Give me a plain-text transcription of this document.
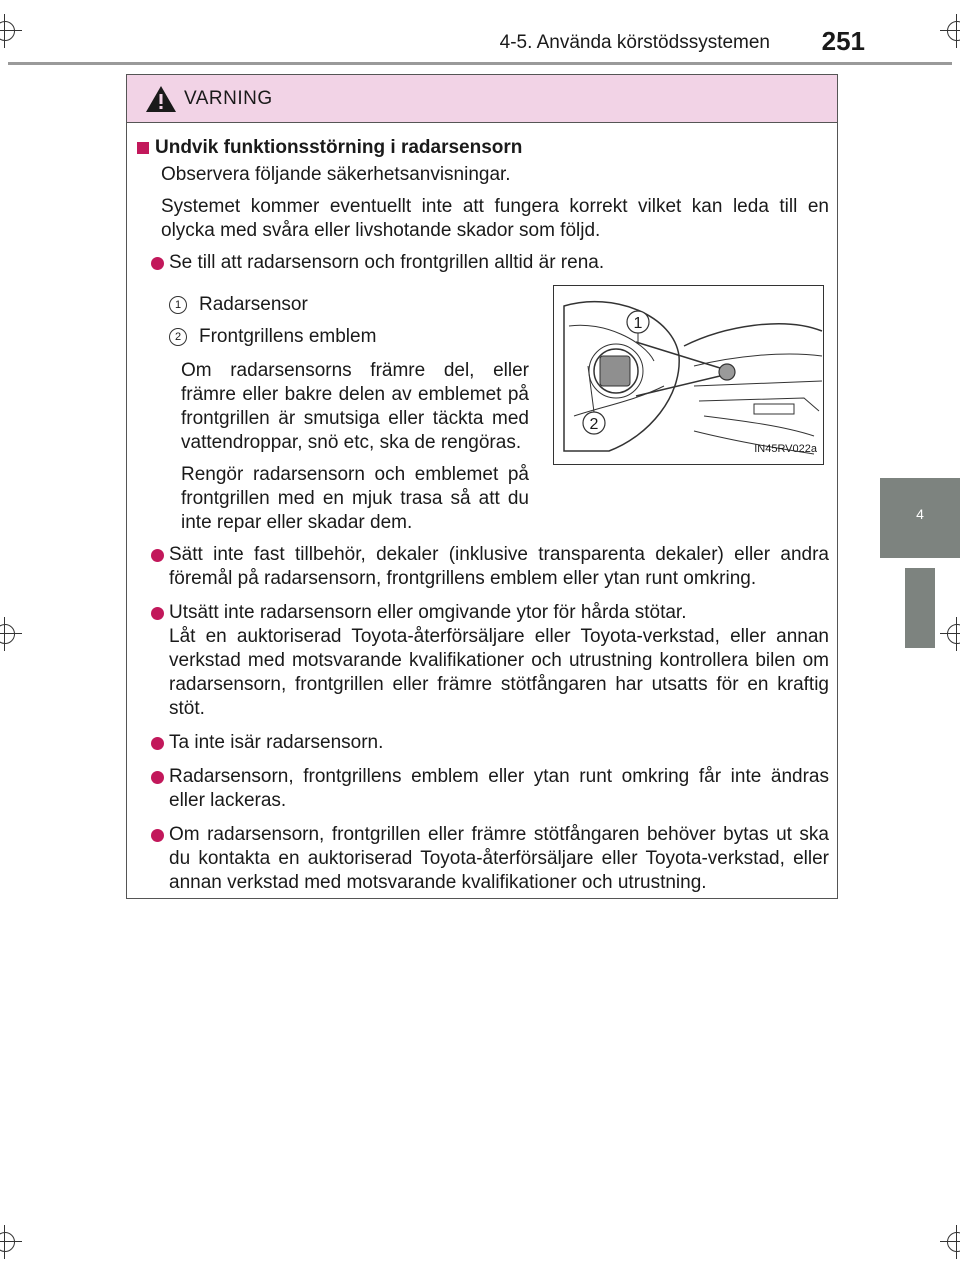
4-5. Använda körstödssystemen 251
4
Körning
VARNING
Undvik funktionsstörning i radarsensorn

Observera följande säkerhetsanvisningar.

Systemet kommer eventuellt inte att fungera korrekt vilket kan leda till en olycka med svåra eller livshotande skador som följd.

Se till att radarsensorn och frontgrillen alltid är rena.
1 Radarsensor
2 Frontgrillens emblem

Om radarsensorns främre del, eller främre eller bakre delen av emblemet på frontgrillen är smutsiga eller täckta med vattendroppar, snö etc, ska de rengöras.

Rengör radarsensorn och emblemet på frontgrillen med en mjuk trasa så att du inte repar eller skadar dem.

1
2
IN45RV022a
Sätt inte fast tillbehör, dekaler (inklusive transparenta dekaler) eller andra föremål på radarsensorn, frontgrillens emblem eller ytan runt omkring.
Utsätt inte radarsensorn eller omgivande ytor för hårda stötar.
Låt en auktoriserad Toyota-återförsäljare eller Toyota-verkstad, eller annan verkstad med motsvarande kvalifikationer och utrustning kontrollera bilen om radarsensorn, frontgrillen eller främre stötfångaren har utsatts för en kraftig stöt.
Ta inte isär radarsensorn.
Radarsensorn, frontgrillens emblem eller ytan runt omkring får inte ändras eller lackeras.
Om radarsensorn, frontgrillen eller främre stötfångaren behöver bytas ut ska du kontakta en auktoriserad Toyota-återförsäljare eller Toyota-verkstad, eller annan verkstad med motsvarande kvalifikationer och utrustning.
